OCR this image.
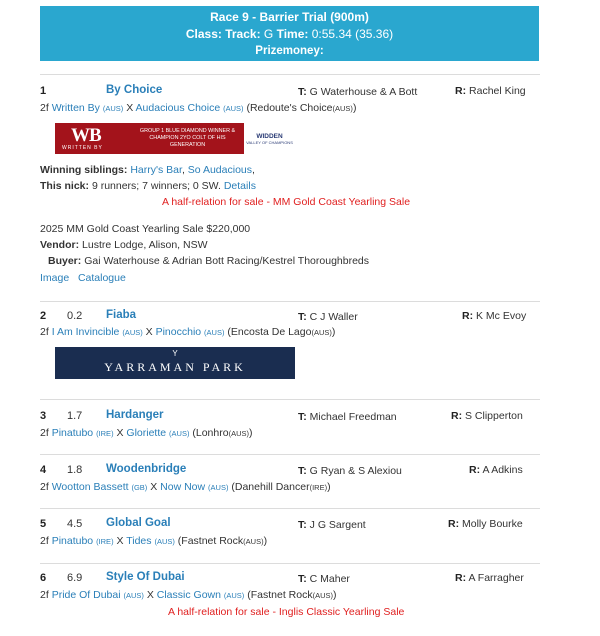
Race 9 - Barrier Trial (900m)
Class: Track: G Time: 0:55.34 (35.36)
Prizemoney:
1	By Choice	T: G Waterhouse & A Bott	R: Rachel King
2f Written By (AUS) X Audacious Choice (AUS) (Redoute's Choice(AUS))
WB
WRITTEN BY
GROUP 1 BLUE DIAMOND WINNER & CHAMPION 2YO COLT OF HIS GENERATION
WIDDEN
VALLEY OF CHAMPIONS
Winning siblings: Harry's Bar, So Audacious,
This nick: 9 runners; 7 winners; 0 SW. Details
A half-relation for sale - MM Gold Coast Yearling Sale
2025 MM Gold Coast Yearling Sale $220,000
Vendor: Lustre Lodge, Alison, NSW
Buyer: Gai Waterhouse & Adrian Bott Racing/Kestrel Thoroughbreds
Image Catalogue
2 0.2 Fiaba	T: C J Waller	R: K Mc Evoy
2f I Am Invincible (AUS) X Pinocchio (AUS) (Encosta De Lago(AUS))
Y
YARRAMAN PARK
3 1.7 Hardanger	T: Michael Freedman	R: S Clipperton
2f Pinatubo (IRE) X Gloriette (AUS) (Lonhro(AUS))
4 1.8 Woodenbridge	T: G Ryan & S Alexiou	R: A Adkins
2f Wootton Bassett (GB) X Now Now (AUS) (Danehill Dancer(IRE))
5 4.5 Global Goal	T: J G Sargent	R: Molly Bourke
2f Pinatubo (IRE) X Tides (AUS) (Fastnet Rock(AUS))
6 6.9 Style Of Dubai	T: C Maher	R: A Farragher
2f Pride Of Dubai (AUS) X Classic Gown (AUS) (Fastnet Rock(AUS))
A half-relation for sale - Inglis Classic Yearling Sale
